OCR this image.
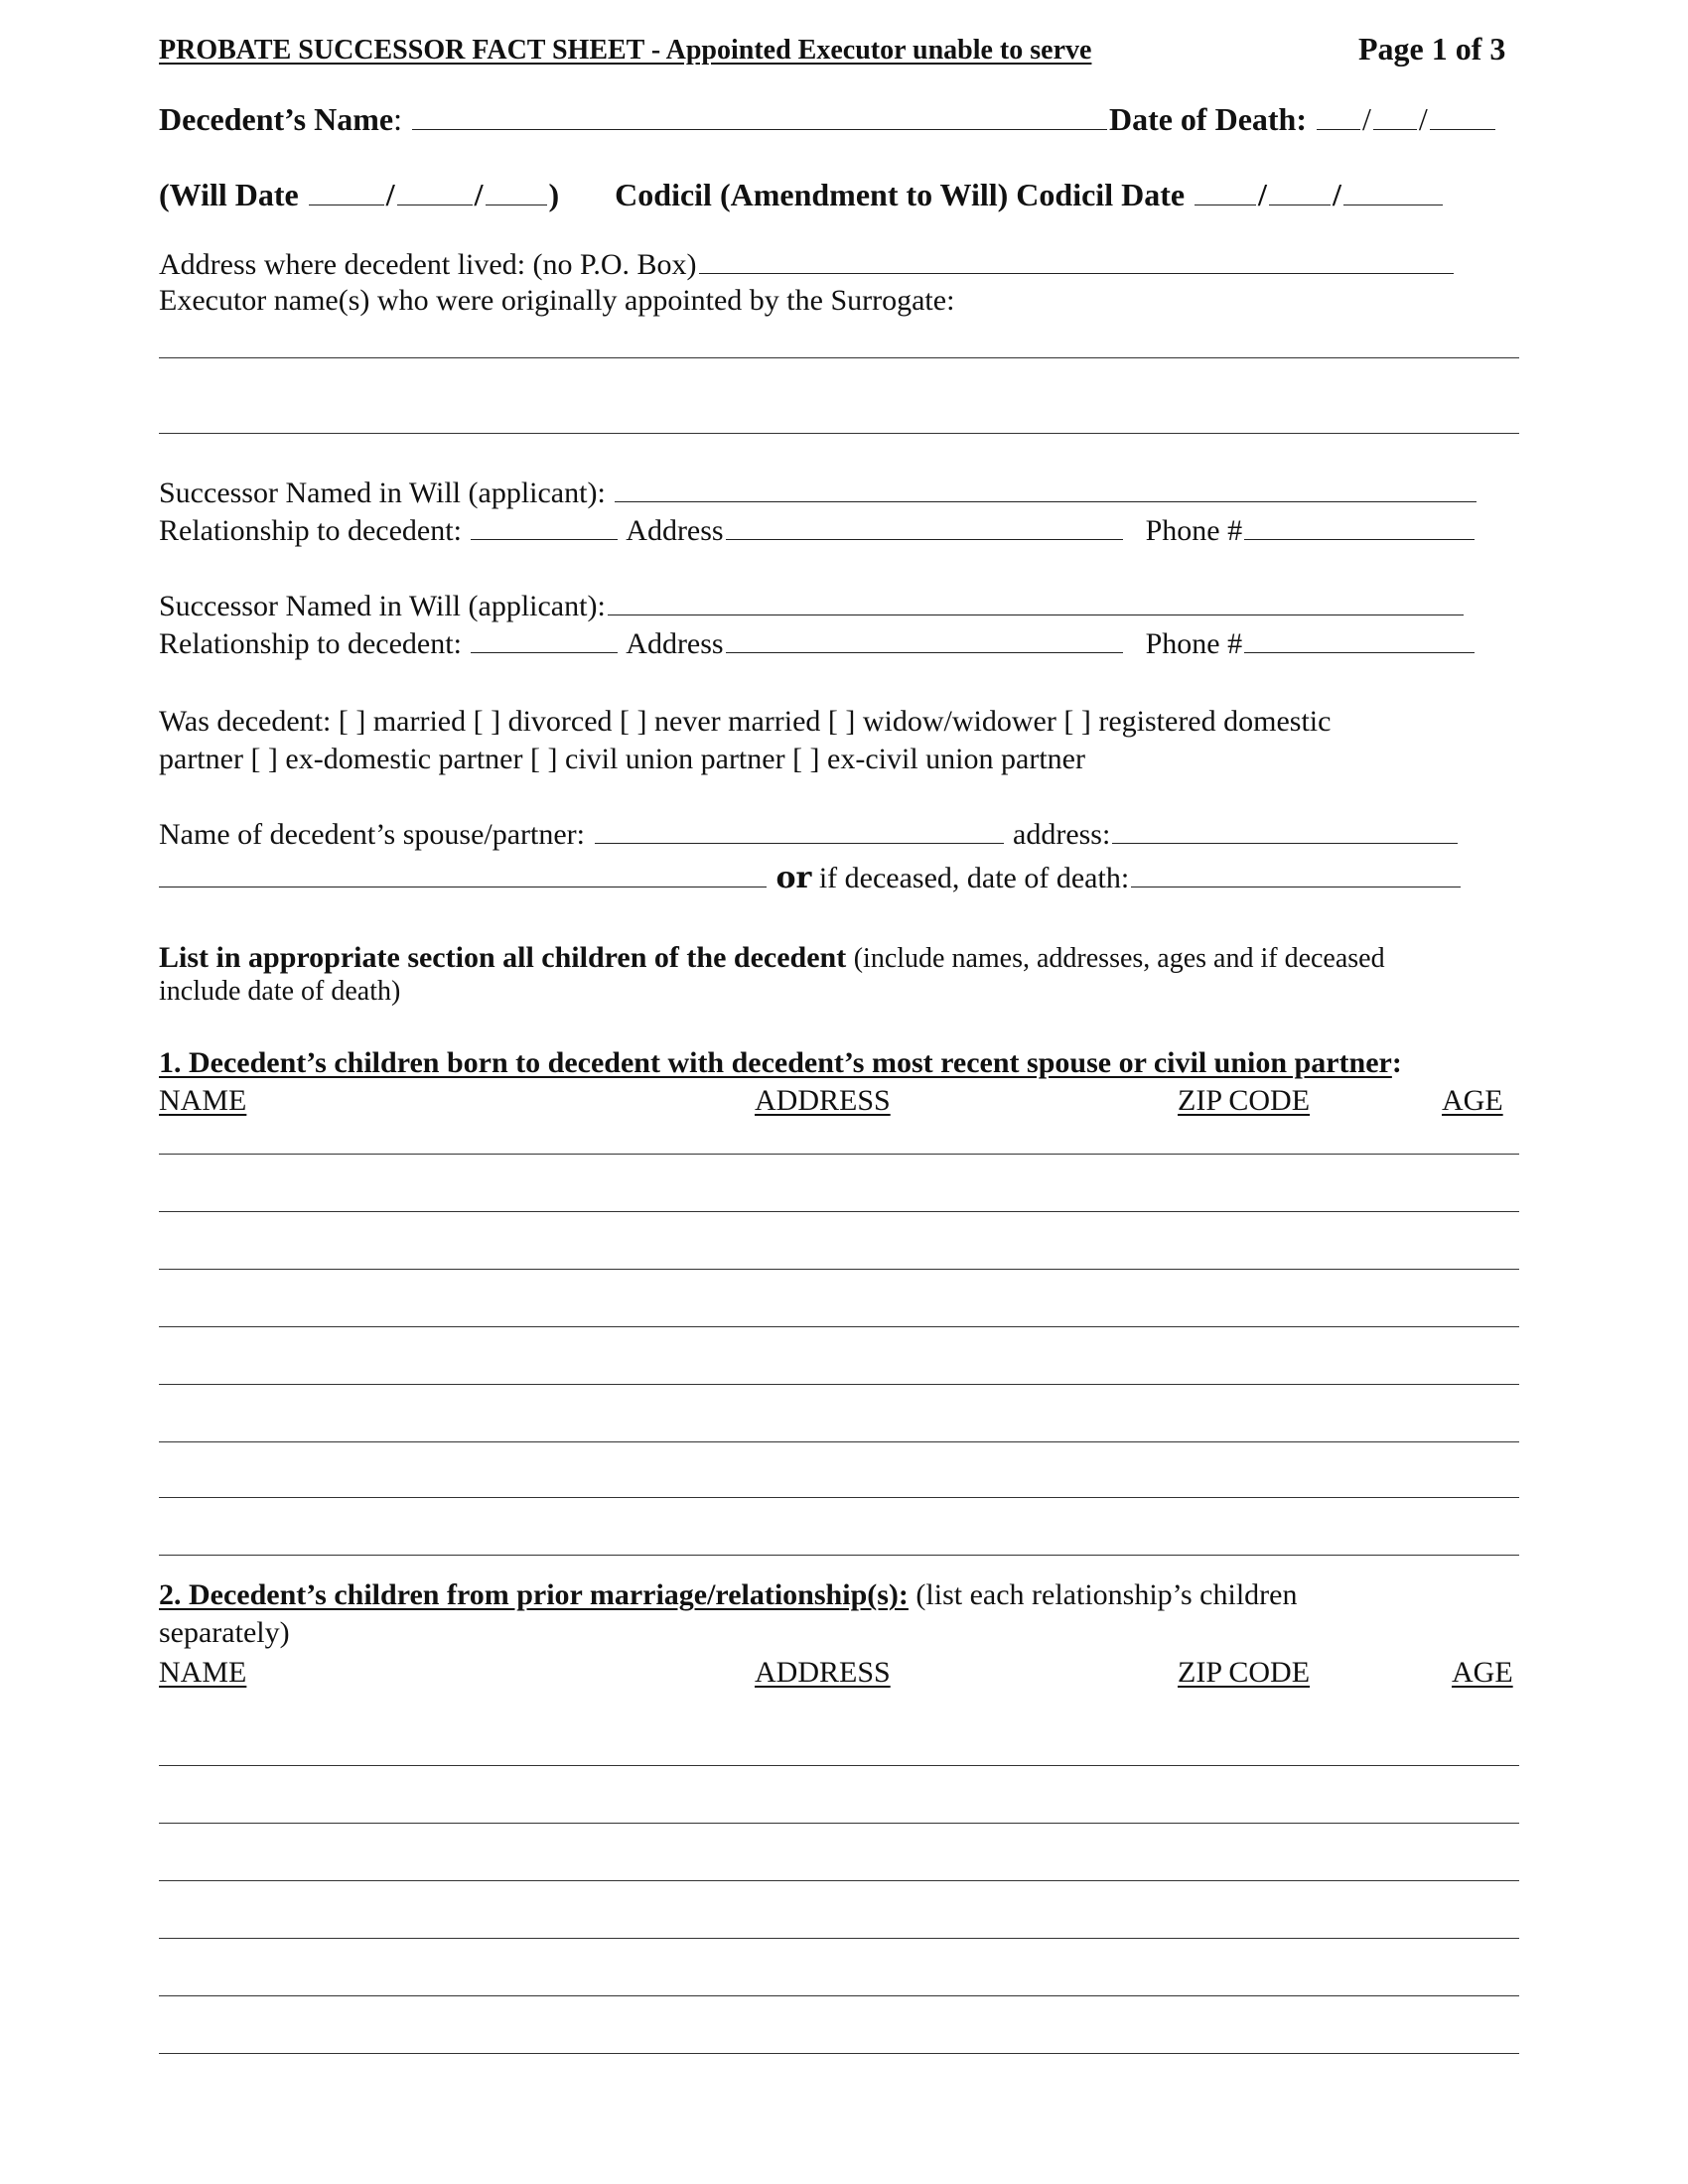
PROBATE SUCCESSOR FACT SHEET - Appointed Executor unable to serve	Page 1 of 3
Decedent’s Name:	Date of Death: / /
(Will Date	/	/ ) Codicil (Amendment to Will) Codicil Date / /
Address where decedent lived: (no P.O. Box)
Executor name(s) who were originally appointed by the Surrogate:
Successor Named in Will (applicant):
Relationship to decedent:	Address	Phone #
Successor Named in Will (applicant):
Relationship to decedent:	Address	Phone #
Was decedent: [ ] married [ ] divorced [ ] never married [ ] widow/widower [ ] registered domestic
partner [ ] ex-domestic partner [ ] civil union partner [ ] ex-civil union partner
Name of decedent’s spouse/partner:	address:
or if deceased, date of death:
List in appropriate section all children of the decedent (include names, addresses, ages and if deceased
include date of death)
1. Decedent’s children born to decedent with decedent’s most recent spouse or civil union partner:
NAME	ADDRESS	ZIP CODE	AGE
2. Decedent’s children from prior marriage/relationship(s): (list each relationship’s children
separately)
NAME	ADDRESS	ZIP CODE	AGE
